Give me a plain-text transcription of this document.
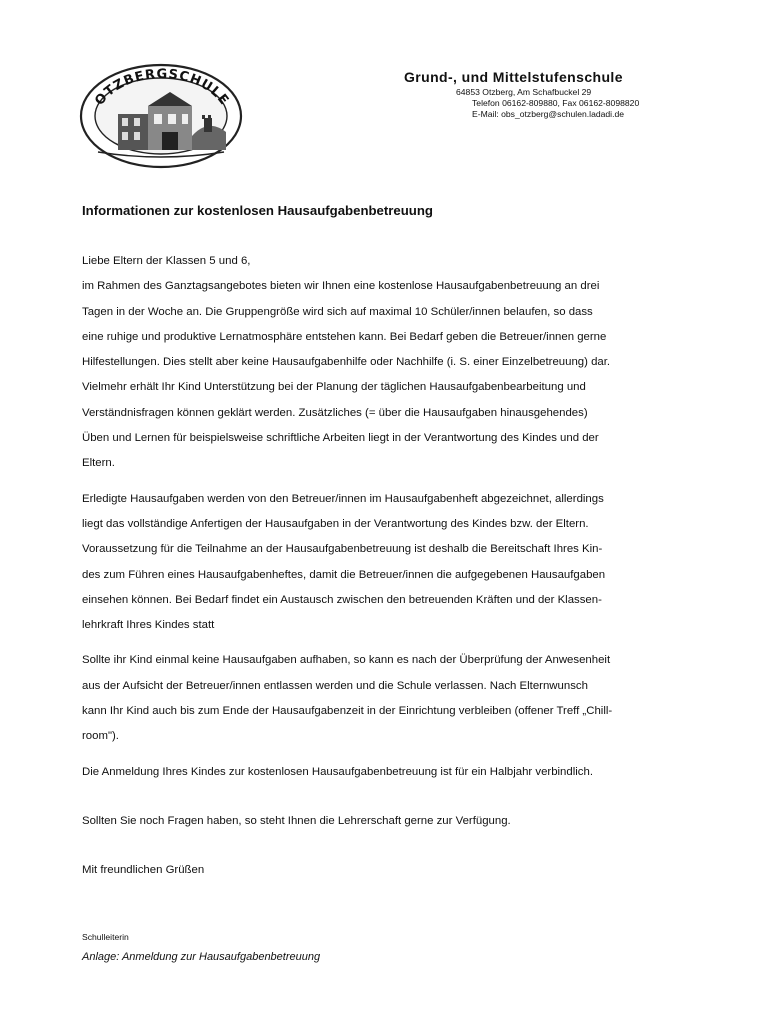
OTZBERGSCHULE
Grund-, und Mittelstufenschule
64853 Otzberg, Am Schafbuckel 29
Telefon 06162-809880, Fax 06162-8098820
E-Mail: obs_otzberg@schulen.ladadi.de
Informationen zur kostenlosen Hausaufgabenbetreuung

Liebe Eltern der Klassen 5 und 6,

im Rahmen des Ganztagsangebotes bieten wir Ihnen eine kostenlose Hausaufgabenbetreuung an drei
Tagen in der Woche an. Die Gruppengröße wird sich auf maximal 10 Schüler/innen belaufen, so dass
eine ruhige und produktive Lernatmosphäre entstehen kann. Bei Bedarf geben die Betreuer/innen gerne
Hilfestellungen. Dies stellt aber keine Hausaufgabenhilfe oder Nachhilfe (i. S. einer Einzelbetreuung) dar.
Vielmehr erhält Ihr Kind Unterstützung bei der Planung der täglichen Hausaufgabenbearbeitung und
Verständnisfragen können geklärt werden. Zusätzliches (= über die Hausaufgaben hinausgehendes)
Üben und Lernen für beispielsweise schriftliche Arbeiten liegt in der Verantwortung des Kindes und der
Eltern.
Erledigte Hausaufgaben werden von den Betreuer/innen im Hausaufgabenheft abgezeichnet, allerdings
liegt das vollständige Anfertigen der Hausaufgaben in der Verantwortung des Kindes bzw. der Eltern.
Voraussetzung für die Teilnahme an der Hausaufgabenbetreuung ist deshalb die Bereitschaft Ihres Kin-
des zum Führen eines Hausaufgabenheftes, damit die Betreuer/innen die aufgegebenen Hausaufgaben
einsehen können. Bei Bedarf findet ein Austausch zwischen den betreuenden Kräften und der Klassen-
lehrkraft Ihres Kindes statt
Sollte ihr Kind einmal keine Hausaufgaben aufhaben, so kann es nach der Überprüfung der Anwesenheit
aus der Aufsicht der Betreuer/innen entlassen werden und die Schule verlassen. Nach Elternwunsch
kann Ihr Kind auch bis zum Ende der Hausaufgabenzeit in der Einrichtung verbleiben (offener Treff „Chill-
room").
Die Anmeldung Ihres Kindes zur kostenlosen Hausaufgabenbetreuung ist für ein Halbjahr verbindlich.
Sollten Sie noch Fragen haben, so steht Ihnen die Lehrerschaft gerne zur Verfügung.
Mit freundlichen Grüßen
Schulleiterin
Anlage: Anmeldung zur Hausaufgabenbetreuung
